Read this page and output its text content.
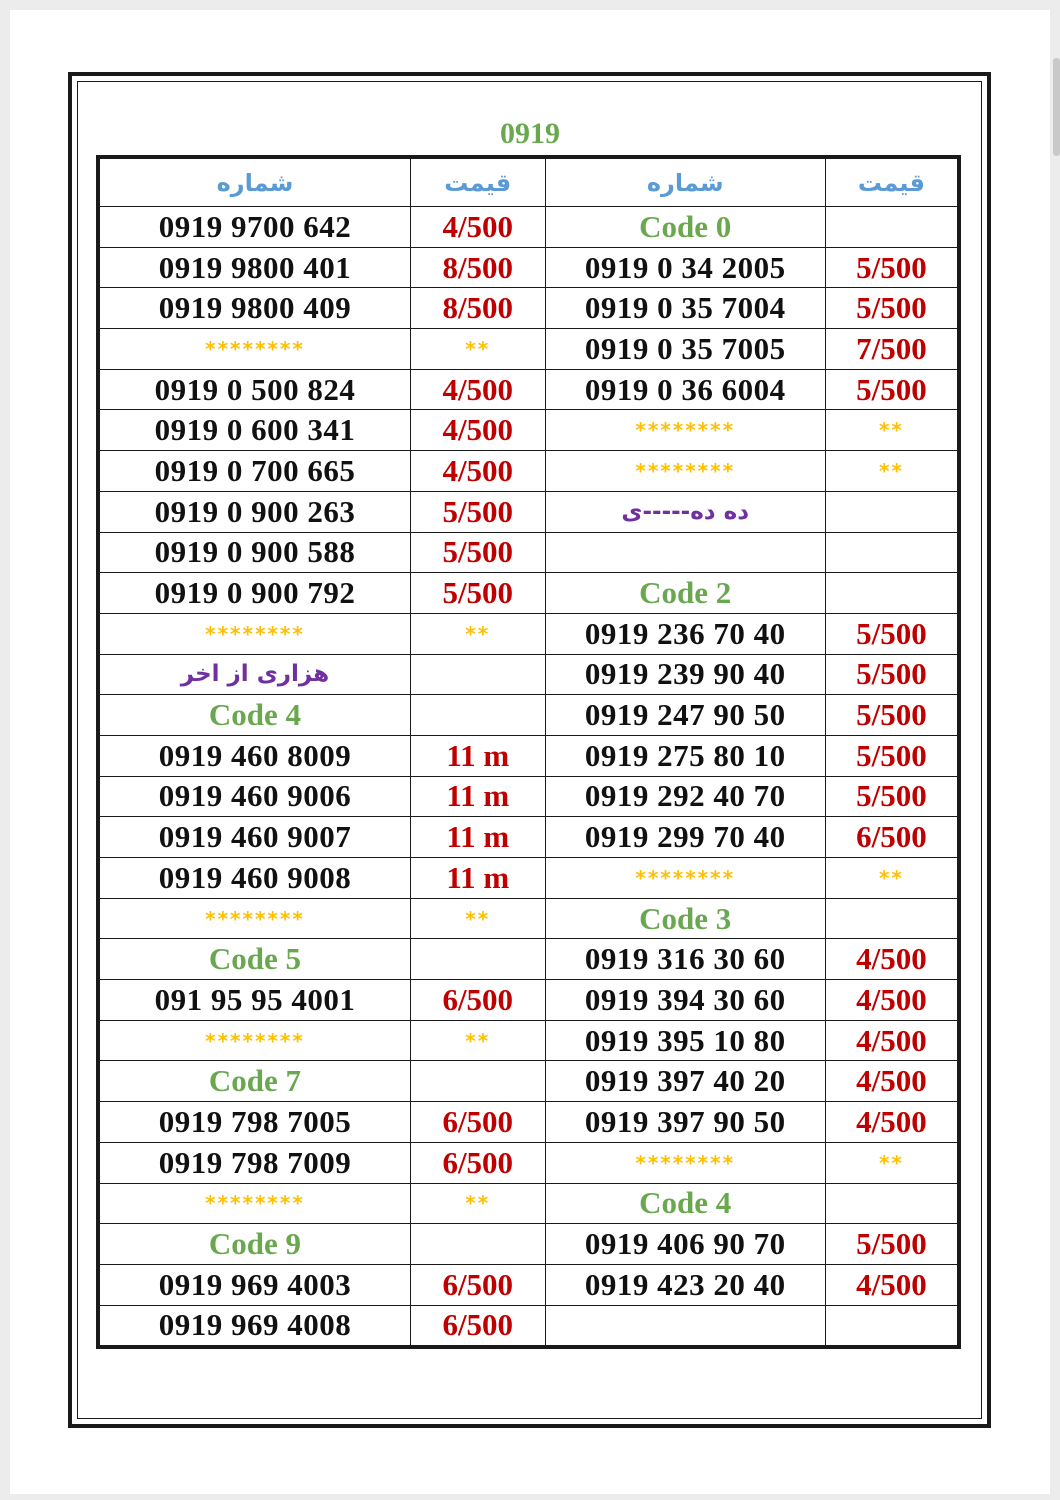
0919
شماره	قیمت	شماره	قیمت
0919 9700 642	4/500	Code 0	
0919 9800 401	8/500	0919 0 34 2005	5/500
0919 9800 409	8/500	0919 0 35 7004	5/500
********	**	0919 0 35 7005	7/500
0919 0 500 824	4/500	0919 0 36 6004	5/500
0919 0 600 341	4/500	********	**
0919 0 700 665	4/500	********	**
0919 0 900 263	5/500	ده ده-----ی	
0919 0 900 588	5/500		
0919 0 900 792	5/500	Code 2	
********	**	0919 236 70 40	5/500
هزاری از اخر		0919 239 90 40	5/500
Code 4		0919 247 90 50	5/500
0919 460 8009	11 m	0919 275 80 10	5/500
0919 460 9006	11 m	0919 292 40 70	5/500
0919 460 9007	11 m	0919 299 70 40	6/500
0919 460 9008	11 m	********	**
********	**	Code 3	
Code 5		0919 316 30 60	4/500
091 95 95 4001	6/500	0919 394 30 60	4/500
********	**	0919 395 10 80	4/500
Code 7		0919 397 40 20	4/500
0919 798 7005	6/500	0919 397 90 50	4/500
0919 798 7009	6/500	********	**
********	**	Code 4	
Code 9		0919 406 90 70	5/500
0919 969 4003	6/500	0919 423 20 40	4/500
0919 969 4008	6/500		
